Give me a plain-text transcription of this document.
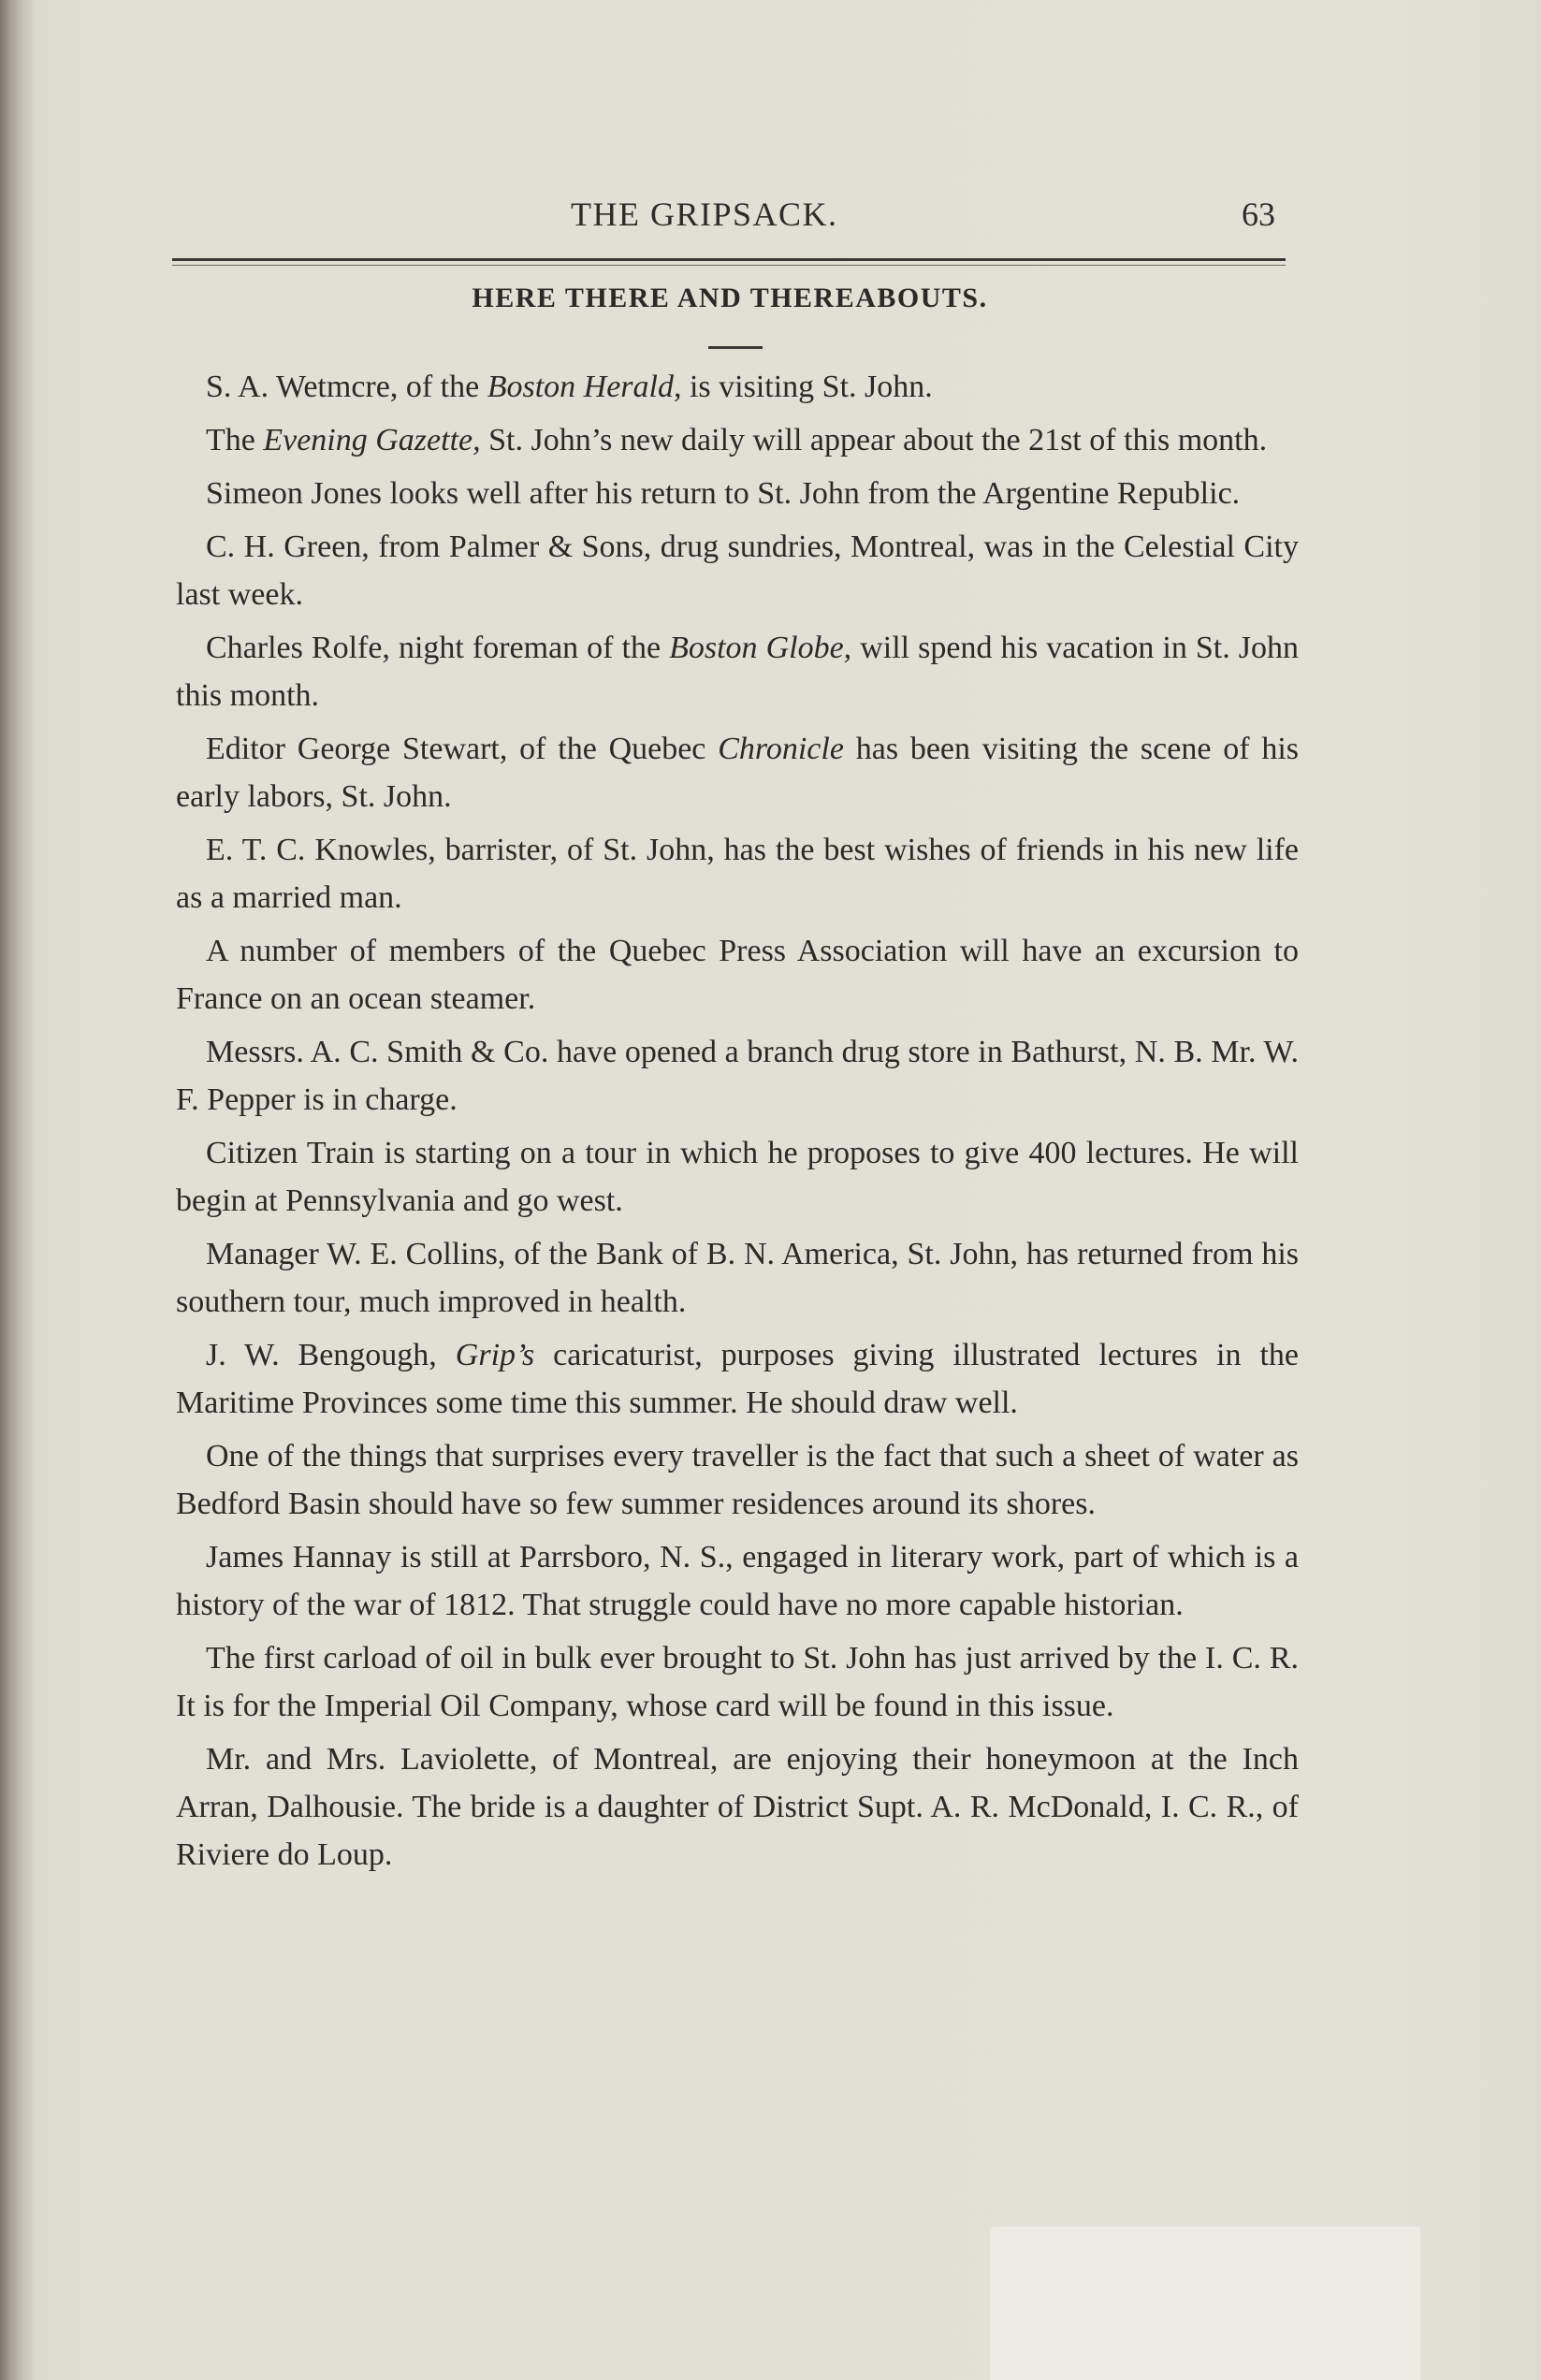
THE GRIPSACK.	63
HERE THERE AND THEREABOUTS.

S. A. Wetmcre, of the Boston Herald, is visiting St. John.

The Evening Gazette, St. John’s new daily will appear about the 21st of this month.

Simeon Jones looks well after his return to St. John from the Argentine Republic.

C. H. Green, from Palmer & Sons, drug sundries, Montreal, was in the Celestial City last week.

Charles Rolfe, night foreman of the Boston Globe, will spend his vacation in St. John this month.

Editor George Stewart, of the Quebec Chronicle has been visiting the scene of his early labors, St. John.

E. T. C. Knowles, barrister, of St. John, has the best wishes of friends in his new life as a married man.

A number of members of the Quebec Press Association will have an excursion to France on an ocean steamer.

Messrs. A. C. Smith & Co. have opened a branch drug store in Bathurst, N. B. Mr. W. F. Pepper is in charge.

Citizen Train is starting on a tour in which he proposes to give 400 lectures. He will begin at Pennsylvania and go west.

Manager W. E. Collins, of the Bank of B. N. America, St. John, has returned from his southern tour, much improved in health.

J. W. Bengough, Grip’s caricaturist, purposes giving illustrated lectures in the Maritime Provinces some time this summer. He should draw well.

One of the things that surprises every traveller is the fact that such a sheet of water as Bedford Basin should have so few summer residences around its shores.

James Hannay is still at Parrsboro, N. S., engaged in literary work, part of which is a history of the war of 1812. That struggle could have no more capable historian.

The first carload of oil in bulk ever brought to St. John has just arrived by the I. C. R. It is for the Imperial Oil Company, whose card will be found in this issue.

Mr. and Mrs. Laviolette, of Montreal, are enjoying their honeymoon at the Inch Arran, Dalhousie. The bride is a daughter of District Supt. A. R. McDonald, I. C. R., of Riviere do Loup.
